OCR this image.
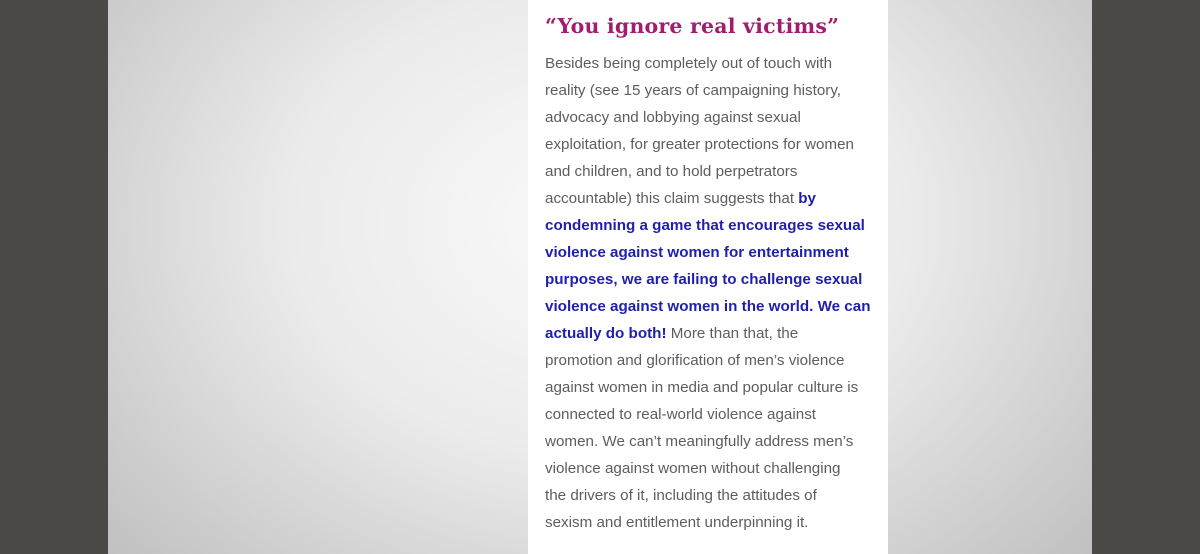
“You ignore real victims”
Besides being completely out of touch with
reality (see 15 years of campaigning history,
advocacy and lobbying against sexual
exploitation, for greater protections for women
and children, and to hold perpetrators
accountable) this claim suggests that by
condemning a game that encourages sexual
violence against women for entertainment
purposes, we are failing to challenge sexual
violence against women in the world. We can
actually do both! More than that, the
promotion and glorification of men’s violence
against women in media and popular culture is
connected to real-world violence against
women. We can’t meaningfully address men’s
violence against women without challenging
the drivers of it, including the attitudes of
sexism and entitlement underpinning it.
